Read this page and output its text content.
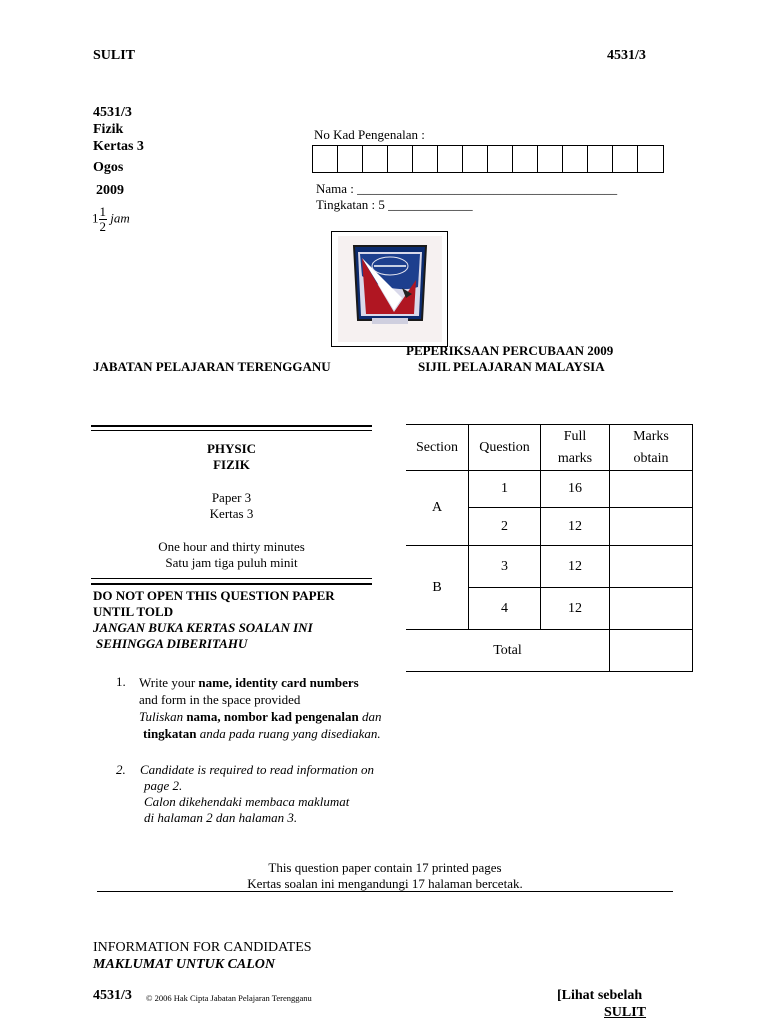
SULIT	4531/3
4531/3
Fizik
Kertas 3
Ogos
2009
$1 \frac{1}{2}$ jam
No Kad Pengenalan :
Nama : ________________________________________
Tingkatan : 5 _____________
JABATAN PELAJARAN TERENGGANU
PEPERIKSAAN PERCUBAAN 2009
SIJIL PELAJARAN MALAYSIA
PHYSIC
FIZIK
Paper 3
Kertas 3
One hour and thirty minutes
Satu jam tiga puluh minit
DO NOT OPEN THIS QUESTION PAPER
UNTIL TOLD
JANGAN BUKA KERTAS SOALAN INI
SEHINGGA DIBERITAHU
Section	Question	Full marks	Marks obtain
A	1	16	
	2	12	
B	3	12	
	4	12	
Total			
1. Write your name, identity card numbers
and form in the space provided
Tuliskan nama, nombor kad pengenalan dan
tingkatan anda pada ruang yang disediakan.
2. Candidate is required to read information on
page 2.
Calon dikehendaki membaca maklumat
di halaman 2 dan halaman 3.
This question paper contain 17 printed pages
Kertas soalan ini mengandungi 17 halaman bercetak.
INFORMATION FOR CANDIDATES
MAKLUMAT UNTUK CALON
4531/3 © 2006 Hak Cipta Jabatan Pelajaran Terengganu	[Lihat sebelah
SULIT
